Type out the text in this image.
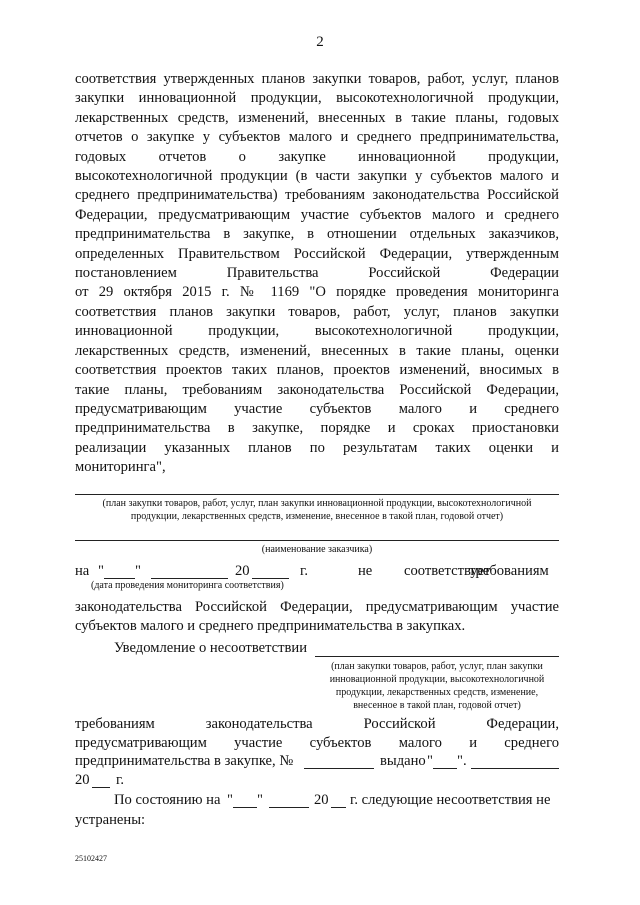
2
соответствия утвержденных планов закупки товаров, работ, услуг, планов
закупки инновационной продукции, высокотехнологичной продукции,
лекарственных средств, изменений, внесенных в такие планы, годовых
отчетов о закупке у субъектов малого и среднего предпринимательства,
годовых отчетов о закупке инновационной продукции,
высокотехнологичной продукции (в части закупки у субъектов малого и
среднего предпринимательства) требованиям законодательства Российской
Федерации, предусматривающим участие субъектов малого и среднего
предпринимательства в закупке, в отношении отдельных заказчиков,
определенных Правительством Российской Федерации, утвержденным
постановлением Правительства Российской Федерации
от 29 октября 2015 г. № 1169 "О порядке проведения мониторинга
соответствия планов закупки товаров, работ, услуг, планов закупки
инновационной продукции, высокотехнологичной продукции,
лекарственных средств, изменений, внесенных в такие планы, оценки
соответствия проектов таких планов, проектов изменений, вносимых в
такие планы, требованиям законодательства Российской Федерации,
предусматривающим участие субъектов малого и среднего
предпринимательства в закупке, порядке и сроках приостановки
реализации указанных планов по результатам таких оценки и
мониторинга",
(план закупки товаров, работ, услуг, план закупки инновационной продукции, высокотехнологичной
продукции, лекарственных средств, изменение, внесенное в такой план, годовой отчет)
(наименование заказчика)
на " "	20	г.	не соответствует
требованиям
(дата проведения мониторинга соответствия)
законодательства Российской Федерации, предусматривающим участие
субъектов малого и среднего предпринимательства в закупках.
Уведомление о несоответствии
(план закупки товаров, работ, услуг, план закупки
инновационной продукции, высокотехнологичной
продукции, лекарственных средств, изменение,
внесенное в такой план, годовой отчет)
требованиям законодательства Российской Федерации,
предусматривающим участие субъектов малого и среднего
предпринимательства в закупке, №	выдано " ".
20 г.
По состоянию на " "	20 г. следующие несоответствия не
устранены:
25102427
